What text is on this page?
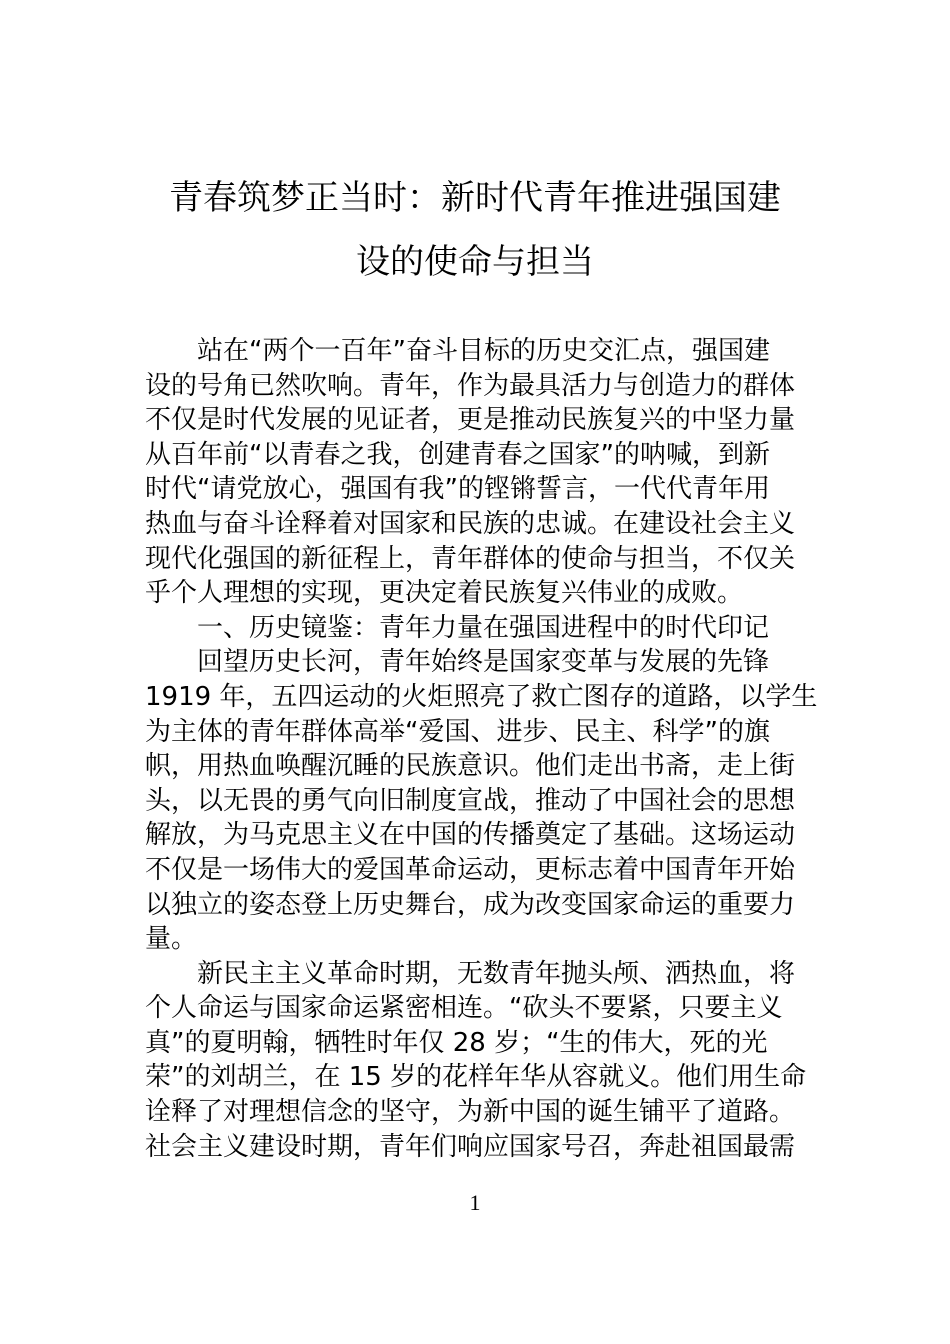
青春筑梦正当时：新时代青年推进强国建
设的使命与担当
站在“两个一百年”奋斗目标的历史交汇点，强国建
设的号角已然吹响。青年，作为最具活力与创造力的群体
不仅是时代发展的见证者，更是推动民族复兴的中坚力量
从百年前“以青春之我，创建青春之国家”的呐喊，到新
时代“请党放心，强国有我”的铿锵誓言，一代代青年用
热血与奋斗诠释着对国家和民族的忠诚。在建设社会主义
现代化强国的新征程上，青年群体的使命与担当，不仅关
乎个人理想的实现，更决定着民族复兴伟业的成败。
一、历史镜鉴：青年力量在强国进程中的时代印记
回望历史长河，青年始终是国家变革与发展的先锋
1919 年，五四运动的火炬照亮了救亡图存的道路，以学生
为主体的青年群体高举“爱国、进步、民主、科学”的旗
帜，用热血唤醒沉睡的民族意识。他们走出书斋，走上街
头，以无畏的勇气向旧制度宣战，推动了中国社会的思想
解放，为马克思主义在中国的传播奠定了基础。这场运动
不仅是一场伟大的爱国革命运动，更标志着中国青年开始
以独立的姿态登上历史舞台，成为改变国家命运的重要力
量。
新民主主义革命时期，无数青年抛头颅、洒热血，将
个人命运与国家命运紧密相连。“砍头不要紧，只要主义
真”的夏明翰，牺牲时年仅 28 岁；“生的伟大，死的光
荣”的刘胡兰，在 15 岁的花样年华从容就义。他们用生命
诠释了对理想信念的坚守，为新中国的诞生铺平了道路。
社会主义建设时期，青年们响应国家号召，奔赴祖国最需
1
